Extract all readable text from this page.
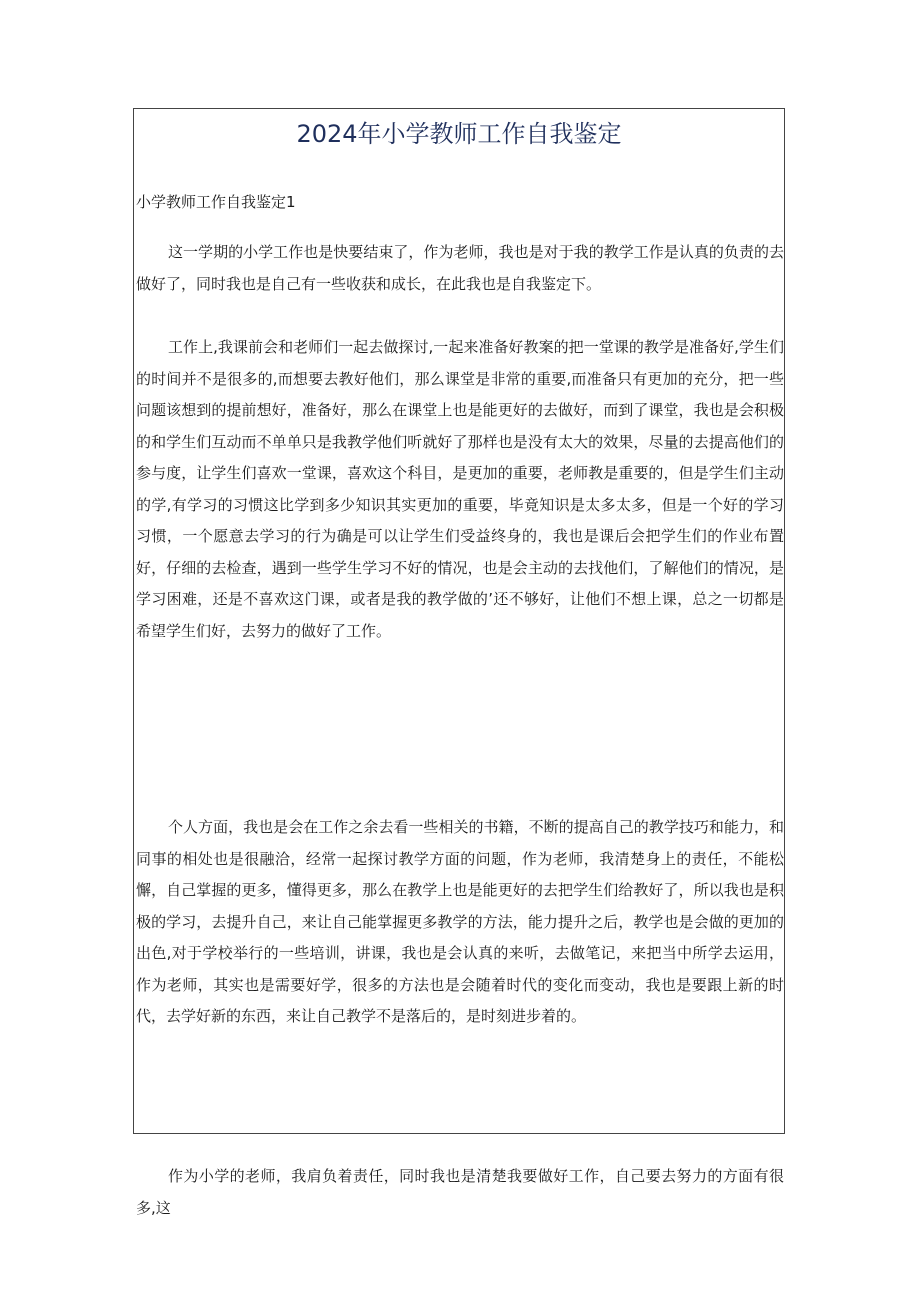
2024年小学教师工作自我鉴定

小学教师工作自我鉴定1

这一学期的小学工作也是快要结束了，作为老师，我也是对于我的教学工作是认真的负责的去做好了，同时我也是自己有一些收获和成长，在此我也是自我鉴定下。

工作上,我课前会和老师们一起去做探讨,一起来准备好教案的把一堂课的教学是准备好,学生们的时间并不是很多的,而想要去教好他们，那么课堂是非常的重要,而准备只有更加的充分，把一些问题该想到的提前想好，准备好，那么在课堂上也是能更好的去做好，而到了课堂，我也是会积极的和学生们互动而不单单只是我教学他们听就好了那样也是没有太大的效果，尽量的去提高他们的参与度，让学生们喜欢一堂课，喜欢这个科目，是更加的重要，老师教是重要的，但是学生们主动的学,有学习的习惯这比学到多少知识其实更加的重要，毕竟知识是太多太多，但是一个好的学习习惯，一个愿意去学习的行为确是可以让学生们受益终身的，我也是课后会把学生们的作业布置好，仔细的去检查，遇到一些学生学习不好的情况，也是会主动的去找他们，了解他们的情况，是学习困难，还是不喜欢这门课，或者是我的教学做的’还不够好，让他们不想上课，总之一切都是希望学生们好，去努力的做好了工作。

个人方面，我也是会在工作之余去看一些相关的书籍，不断的提高自己的教学技巧和能力，和同事的相处也是很融洽，经常一起探讨教学方面的问题，作为老师，我清楚身上的责任，不能松懈，自己掌握的更多，懂得更多，那么在教学上也是能更好的去把学生们给教好了，所以我也是积极的学习，去提升自己，来让自己能掌握更多教学的方法，能力提升之后，教学也是会做的更加的出色,对于学校举行的一些培训，讲课，我也是会认真的来听，去做笔记，来把当中所学去运用，作为老师，其实也是需要好学，很多的方法也是会随着时代的变化而变动，我也是要跟上新的时代，去学好新的东西，来让自己教学不是落后的，是时刻进步着的。

作为小学的老师，我肩负着责任，同时我也是清楚我要做好工作，自己要去努力的方面有很多,这
